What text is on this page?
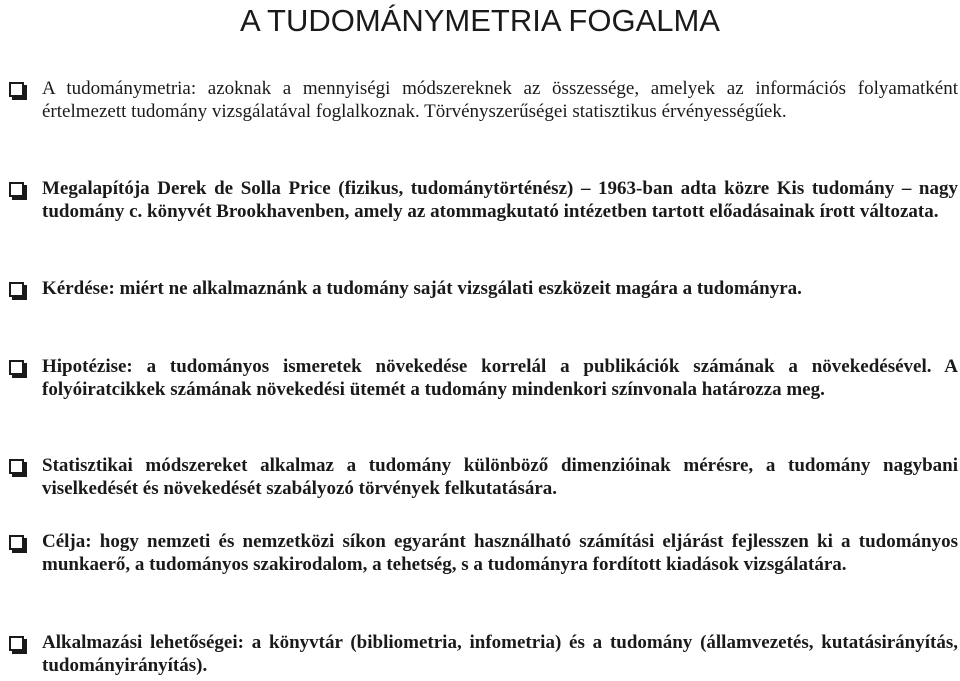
A TUDOMÁNYMETRIA FOGALMA
A tudománymetria: azoknak a mennyiségi módszereknek az összessége, amelyek az információs folyamatként értelmezett tudomány vizsgálatával foglalkoznak. Törvényszerűségei statisztikus érvényességűek.
Megalapítója Derek de Solla Price (fizikus, tudománytörténész) – 1963-ban adta közre Kis tudomány – nagy tudomány c. könyvét Brookhavenben, amely az atommagkutató intézetben tartott előadásainak írott változata.
Kérdése: miért ne alkalmaznánk a tudomány saját vizsgálati eszközeit magára a tudományra.
Hipotézise: a tudományos ismeretek növekedése korrelál a publikációk számának a növekedésével. A folyóiratcikkek számának növekedési ütemét a tudomány mindenkori színvonala határozza meg.
Statisztikai módszereket alkalmaz a tudomány különböző dimenzióinak mérésre, a tudomány nagybani viselkedését és növekedését szabályozó törvények felkutatására.
Célja: hogy nemzeti és nemzetközi síkon egyaránt használható számítási eljárást fejlesszen ki a tudományos munkaerő, a tudományos szakirodalom, a tehetség, s a tudományra fordított kiadások vizsgálatára.
Alkalmazási lehetőségei: a könyvtár (bibliometria, infometria) és a tudomány (államvezetés, kutatásirányítás, tudományirányítás).
